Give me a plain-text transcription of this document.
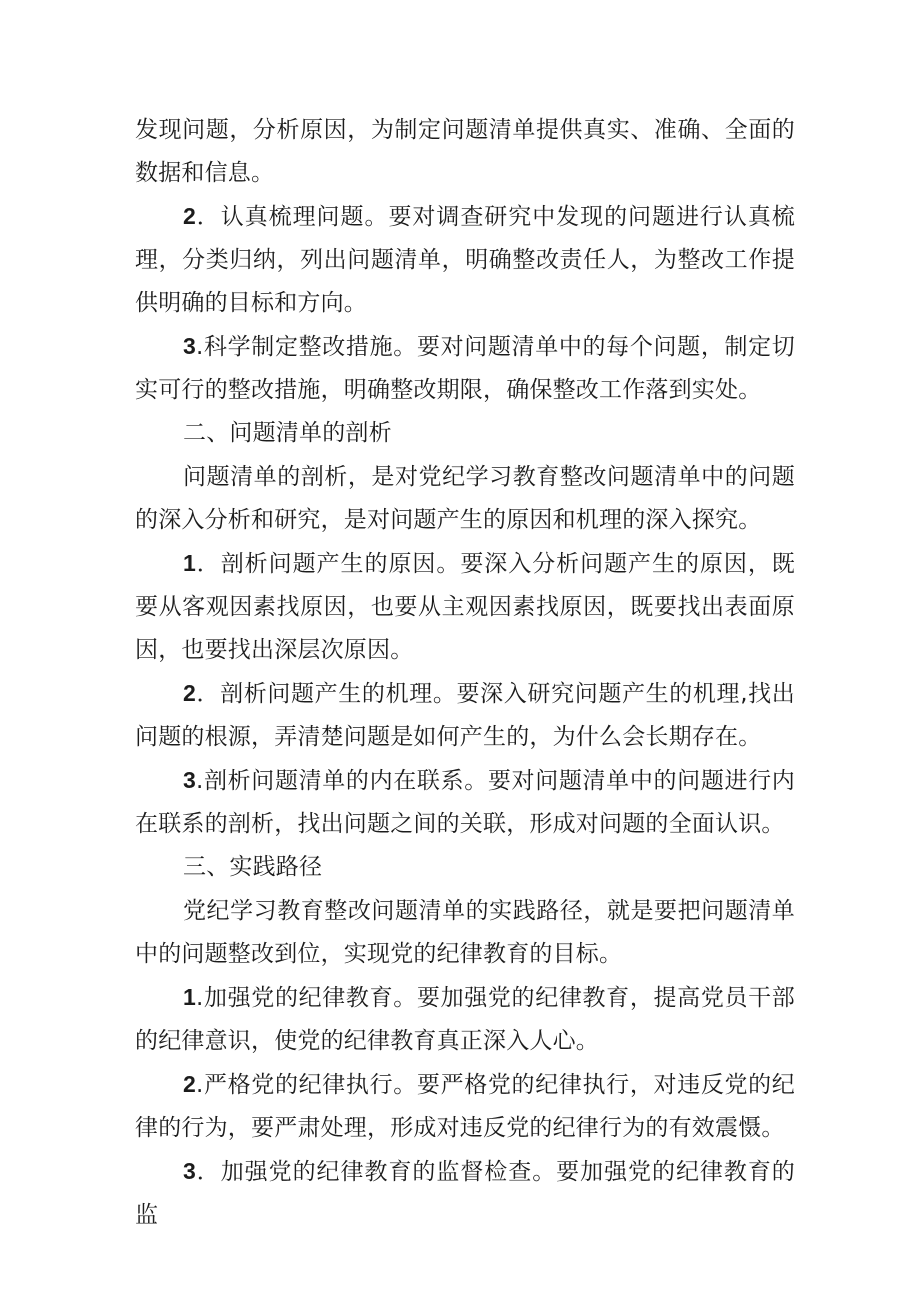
发现问题，分析原因，为制定问题清单提供真实、准确、全面的数据和信息。

2．认真梳理问题。要对调查研究中发现的问题进行认真梳理，分类归纳，列出问题清单，明确整改责任人，为整改工作提供明确的目标和方向。

3.科学制定整改措施。要对问题清单中的每个问题，制定切实可行的整改措施，明确整改期限，确保整改工作落到实处。

二、问题清单的剖析

问题清单的剖析，是对党纪学习教育整改问题清单中的问题的深入分析和研究，是对问题产生的原因和机理的深入探究。

1．剖析问题产生的原因。要深入分析问题产生的原因，既要从客观因素找原因，也要从主观因素找原因，既要找出表面原因，也要找出深层次原因。

2．剖析问题产生的机理。要深入研究问题产生的机理,找出问题的根源，弄清楚问题是如何产生的，为什么会长期存在。

3.剖析问题清单的内在联系。要对问题清单中的问题进行内在联系的剖析，找出问题之间的关联，形成对问题的全面认识。

三、实践路径

党纪学习教育整改问题清单的实践路径，就是要把问题清单中的问题整改到位，实现党的纪律教育的目标。

1.加强党的纪律教育。要加强党的纪律教育，提高党员干部的纪律意识，使党的纪律教育真正深入人心。

2.严格党的纪律执行。要严格党的纪律执行，对违反党的纪律的行为，要严肃处理，形成对违反党的纪律行为的有效震慑。

3．加强党的纪律教育的监督检查。要加强党的纪律教育的监
